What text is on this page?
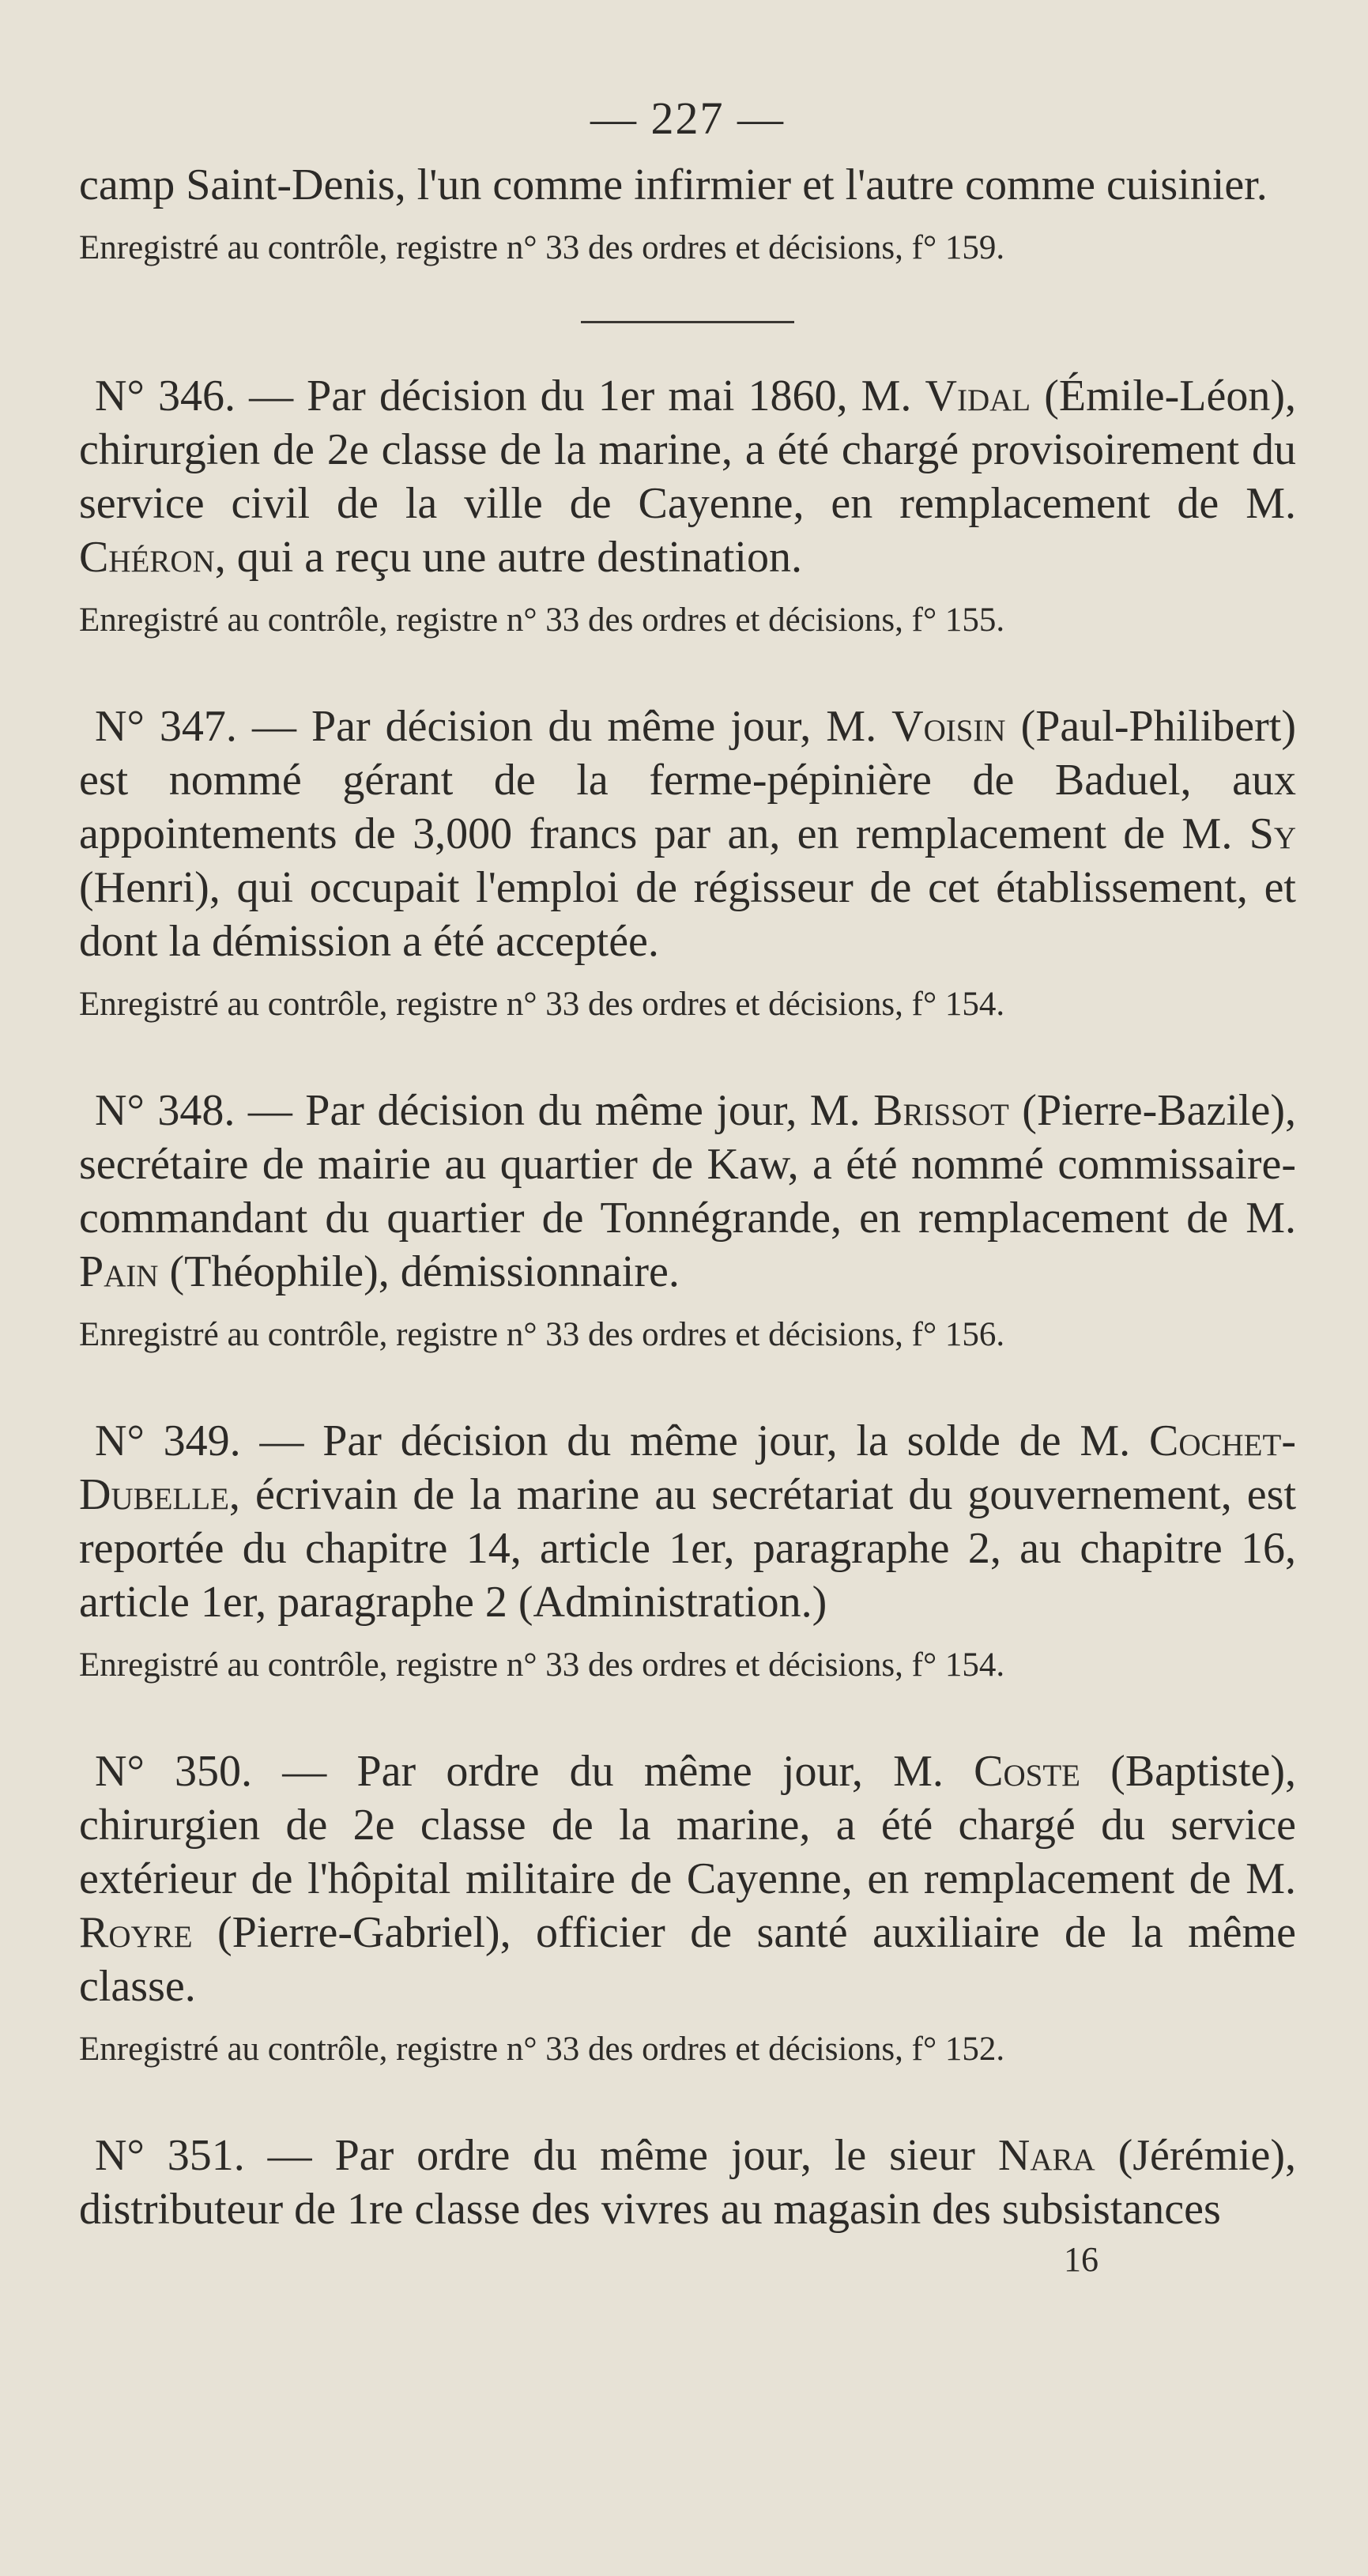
— 227 —

camp Saint-Denis, l'un comme infirmier et l'autre comme cuisinier.

Enregistré au contrôle, registre n° 33 des ordres et décisions, f° 159.

N° 346. — Par décision du 1er mai 1860, M. Vidal (Émile-Léon), chirurgien de 2e classe de la marine, a été chargé provisoirement du service civil de la ville de Cayenne, en remplacement de M. Chéron, qui a reçu une autre destination.

Enregistré au contrôle, registre n° 33 des ordres et décisions, f° 155.

N° 347. — Par décision du même jour, M. Voisin (Paul-Philibert) est nommé gérant de la ferme-pépinière de Baduel, aux appointements de 3,000 francs par an, en remplacement de M. Sy (Henri), qui occupait l'emploi de régisseur de cet établissement, et dont la démission a été acceptée.

Enregistré au contrôle, registre n° 33 des ordres et décisions, f° 154.

N° 348. — Par décision du même jour, M. Brissot (Pierre-Bazile), secrétaire de mairie au quartier de Kaw, a été nommé commissaire-commandant du quartier de Tonnégrande, en remplacement de M. Pain (Théophile), démissionnaire.

Enregistré au contrôle, registre n° 33 des ordres et décisions, f° 156.

N° 349. — Par décision du même jour, la solde de M. Cochet-Dubelle, écrivain de la marine au secrétariat du gouvernement, est reportée du chapitre 14, article 1er, paragraphe 2, au chapitre 16, article 1er, paragraphe 2 (Administration.)

Enregistré au contrôle, registre n° 33 des ordres et décisions, f° 154.

N° 350. — Par ordre du même jour, M. Coste (Baptiste), chirurgien de 2e classe de la marine, a été chargé du service extérieur de l'hôpital militaire de Cayenne, en remplacement de M. Royre (Pierre-Gabriel), officier de santé auxiliaire de la même classe.

Enregistré au contrôle, registre n° 33 des ordres et décisions, f° 152.

N° 351. — Par ordre du même jour, le sieur Nara (Jérémie), distributeur de 1re classe des vivres au magasin des subsistances

16
